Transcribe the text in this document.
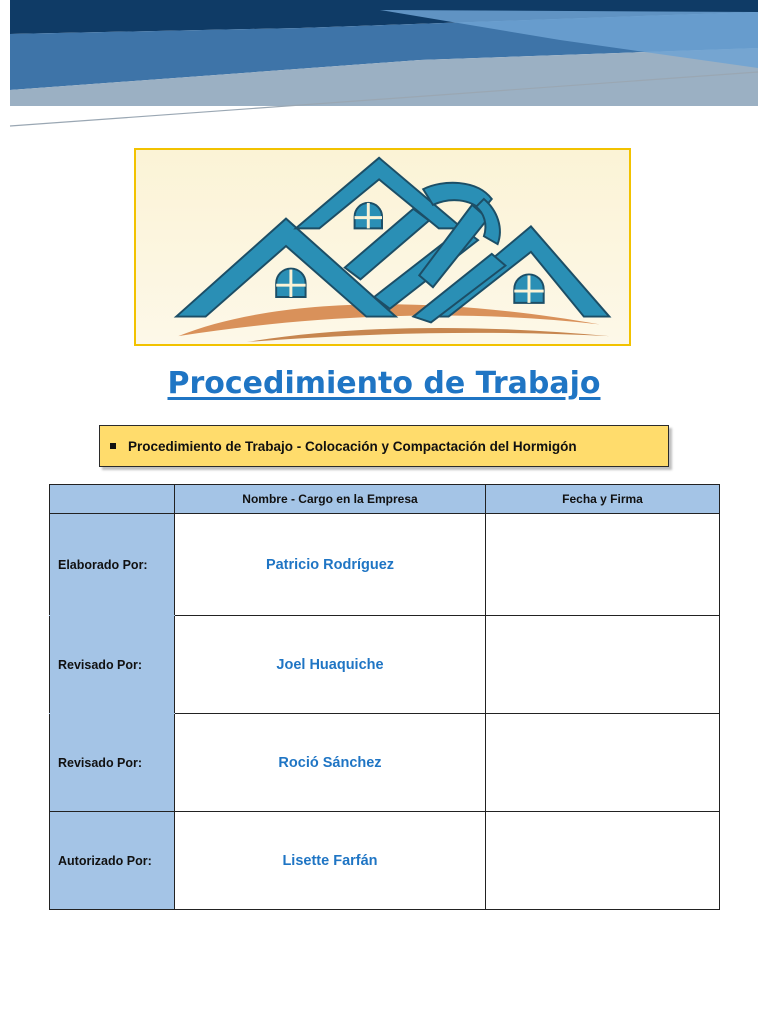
Procedimiento de Trabajo
Procedimiento de Trabajo - Colocación y Compactación del Hormigón
	Nombre - Cargo en la Empresa	Fecha y Firma
Elaborado Por:	Patricio Rodríguez	
Revisado Por:	Joel Huaquiche	
Revisado Por:	Roció Sánchez	
Autorizado Por:	Lisette Farfán	
